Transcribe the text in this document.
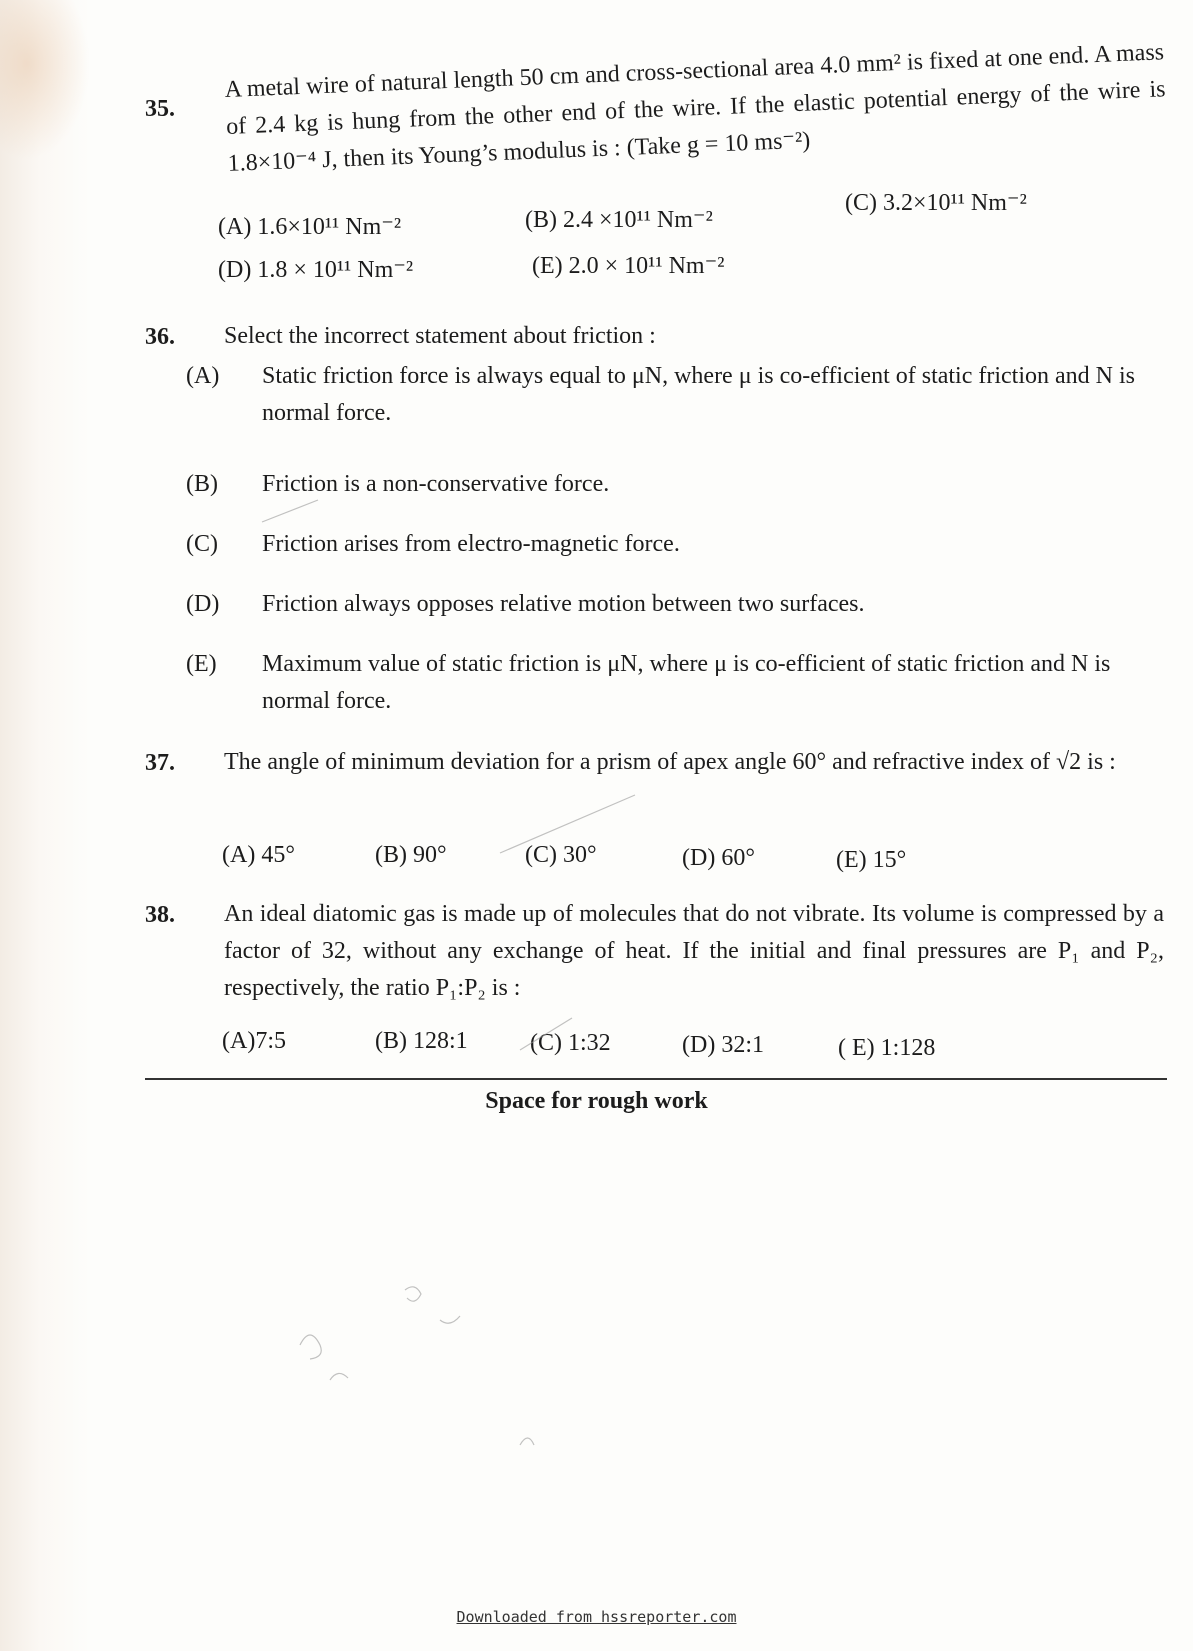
35.
A metal wire of natural length 50 cm and cross-sectional area 4.0 mm² is fixed at one end. A mass of 2.4 kg is hung from the other end of the wire. If the elastic potential energy of the wire is 1.8×10⁻⁴ J, then its Young’s modulus is : (Take g = 10 ms⁻²)
(A) 1.6×10¹¹ Nm⁻²	(B) 2.4 ×10¹¹ Nm⁻²
(C) 3.2×10¹¹ Nm⁻²
(D) 1.8 × 10¹¹ Nm⁻²	(E) 2.0 × 10¹¹ Nm⁻²
36. Select the incorrect statement about friction :
(A) Static friction force is always equal to μN, where μ is co-efficient of static friction and N is normal force.
(B) Friction is a non-conservative force.
(C) Friction arises from electro-magnetic force.
(D) Friction always opposes relative motion between two surfaces.
(E) Maximum value of static friction is μN, where μ is co-efficient of static friction and N is normal force.
37. The angle of minimum deviation for a prism of apex angle 60° and refractive index of √2 is :
(A) 45°	(B) 90°	(C) 30°	(D) 60°	(E) 15°
38. An ideal diatomic gas is made up of molecules that do not vibrate. Its volume is compressed by a factor of 32, without any exchange of heat. If the initial and final pressures are P₁ and P₂, respectively, the ratio P₁:P₂ is :
(A)7:5	(B) 128:1	(C) 1:32	(D) 32:1	( E) 1:128
Space for rough work
Downloaded from hssreporter.com
